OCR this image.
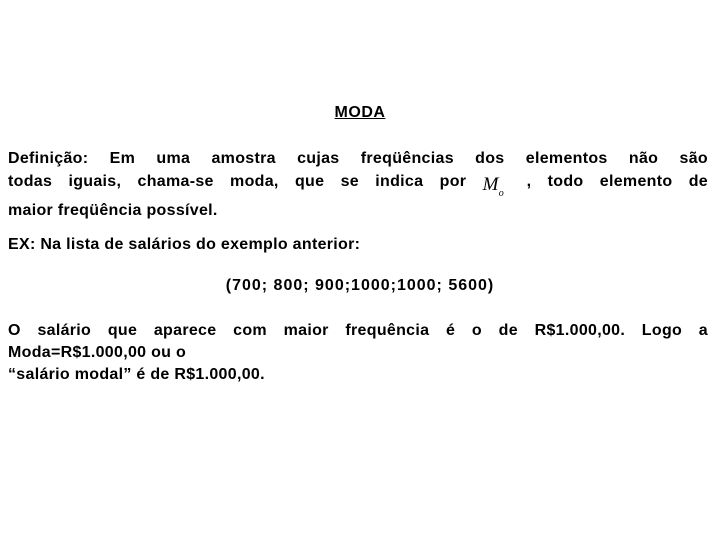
MODA
Definição: Em uma amostra cujas freqüências dos elementos não são
todas iguais, chama-se moda, que se indica por $M_o$, todo elemento de
maior freqüência possível.
EX: Na lista de salários do exemplo anterior:
(700; 800; 900;1000;1000; 5600)
O salário que aparece com maior frequência é o de R$1.000,00. Logo a
Moda=R$1.000,00 ou o
“salário modal” é de R$1.000,00.
